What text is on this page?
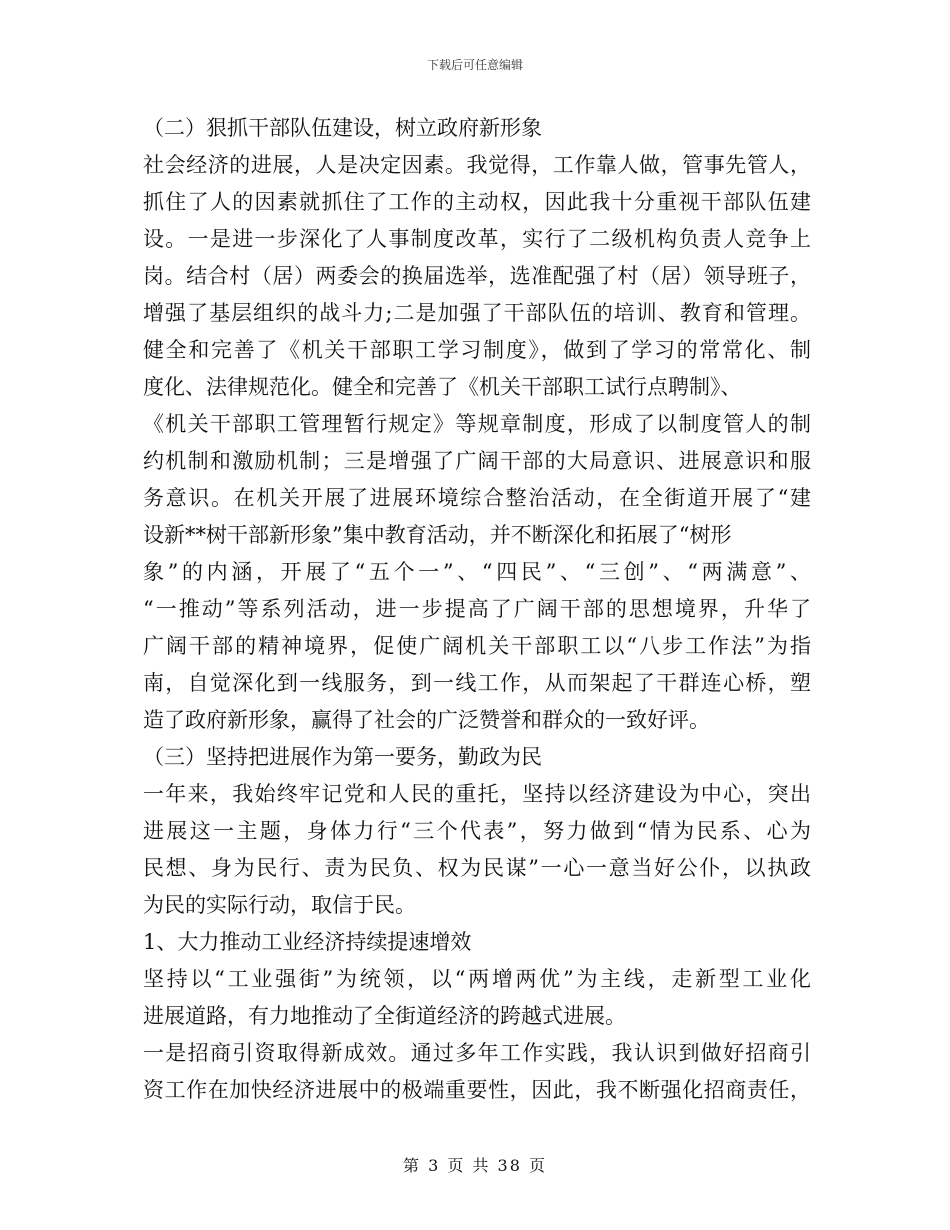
下载后可任意编辑
（二）狠抓干部队伍建设，树立政府新形象
社会经济的进展，人是决定因素。我觉得，工作靠人做，管事先管人，
抓住了人的因素就抓住了工作的主动权，因此我十分重视干部队伍建
设。一是进一步深化了人事制度改革，实行了二级机构负责人竞争上
岗。结合村（居）两委会的换届选举，选准配强了村（居）领导班子，
增强了基层组织的战斗力;二是加强了干部队伍的培训、教育和管理。
健全和完善了《机关干部职工学习制度》，做到了学习的常常化、制
度化、法律规范化。健全和完善了《机关干部职工试行点聘制》、
《机关干部职工管理暂行规定》等规章制度，形成了以制度管人的制
约机制和激励机制；三是增强了广阔干部的大局意识、进展意识和服
务意识。在机关开展了进展环境综合整治活动，在全街道开展了“建
设新**树干部新形象”集中教育活动，并不断深化和拓展了“树形
象”的内涵，开展了“五个一”、“四民”、“三创”、“两满意”、
“一推动”等系列活动，进一步提高了广阔干部的思想境界，升华了
广阔干部的精神境界，促使广阔机关干部职工以“八步工作法”为指
南，自觉深化到一线服务，到一线工作，从而架起了干群连心桥，塑
造了政府新形象，赢得了社会的广泛赞誉和群众的一致好评。
（三）坚持把进展作为第一要务，勤政为民
一年来，我始终牢记党和人民的重托，坚持以经济建设为中心，突出
进展这一主题，身体力行“三个代表”，努力做到“情为民系、心为
民想、身为民行、责为民负、权为民谋”一心一意当好公仆，以执政
为民的实际行动，取信于民。
1、大力推动工业经济持续提速增效
坚持以“工业强街”为统领，以“两增两优”为主线，走新型工业化
进展道路，有力地推动了全街道经济的跨越式进展。
一是招商引资取得新成效。通过多年工作实践，我认识到做好招商引
资工作在加快经济进展中的极端重要性，因此，我不断强化招商责任，
第 3 页 共 38 页
